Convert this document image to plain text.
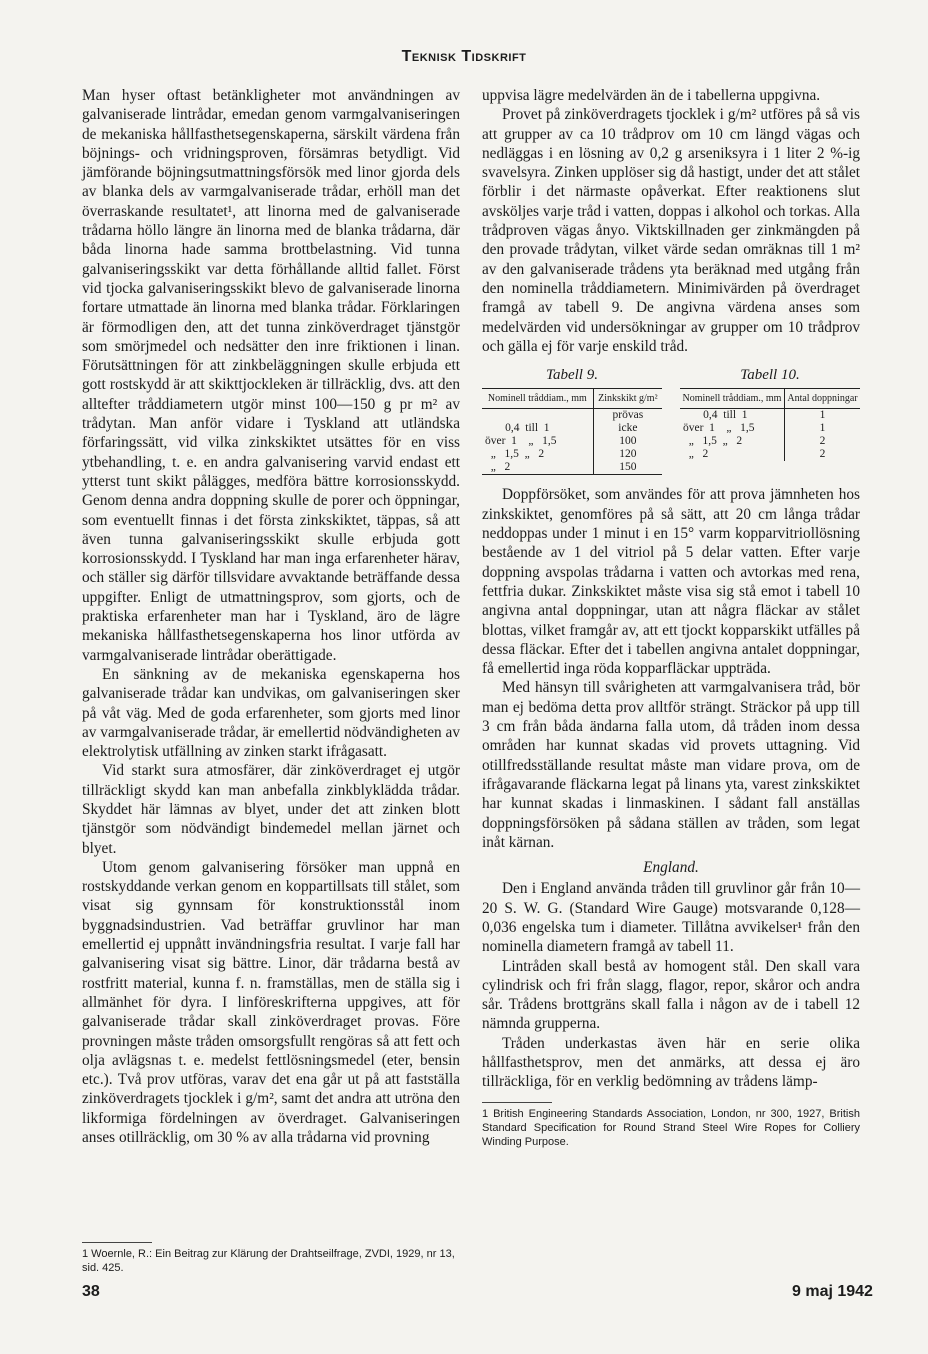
Teknisk Tidskrift

Man hyser oftast betänkligheter mot användningen av galvaniserade lintrådar, emedan genom varmgalvaniseringen de mekaniska hållfasthetsegenskaperna, särskilt värdena från böjnings- och vridningsproven, försämras betydligt. Vid jämförande böjningsutmattningsförsök med linor gjorda dels av blanka dels av varmgalvaniserade trådar, erhöll man det överraskande resultatet¹, att linorna med de galvaniserade trådarna höllo längre än linorna med de blanka trådarna, där båda linorna hade samma brottbelastning. Vid tunna galvaniseringsskikt var detta förhållande alltid fallet. Först vid tjocka galvaniseringsskikt blevo de galvaniserade linorna fortare utmattade än linorna med blanka trådar. Förklaringen är förmodligen den, att det tunna zinköverdraget tjänstgör som smörjmedel och nedsätter den inre friktionen i linan. Förutsättningen för att zinkbeläggningen skulle erbjuda ett gott rostskydd är att skikttjockleken är tillräcklig, dvs. att den alltefter tråddiametern utgör minst 100—150 g pr m² av trådytan. Man anför vidare i Tyskland att utländska förfaringssätt, vid vilka zinkskiktet utsättes för en viss ytbehandling, t. e. en andra galvanisering varvid endast ett ytterst tunt skikt pålägges, medföra bättre korrosionsskydd. Genom denna andra doppning skulle de porer och öppningar, som eventuellt finnas i det första zinkskiktet, täppas, så att även tunna galvaniseringsskikt skulle erbjuda gott korrosionsskydd. I Tyskland har man inga erfarenheter härav, och ställer sig därför tillsvidare avvaktande beträffande dessa uppgifter. Enligt de utmattningsprov, som gjorts, och de praktiska erfarenheter man har i Tyskland, äro de lägre mekaniska hållfasthetsegenskaperna hos linor utförda av varmgalvaniserade lintrådar oberättigade.

En sänkning av de mekaniska egenskaperna hos galvaniserade trådar kan undvikas, om galvaniseringen sker på våt väg. Med de goda erfarenheter, som gjorts med linor av varmgalvaniserade trådar, är emellertid nödvändigheten av elektrolytisk utfällning av zinken starkt ifrågasatt.

Vid starkt sura atmosfärer, där zinköverdraget ej utgör tillräckligt skydd kan man anbefalla zinkblyklädda trådar. Skyddet här lämnas av blyet, under det att zinken blott tjänstgör som nödvändigt bindemedel mellan järnet och blyet.

Utom genom galvanisering försöker man uppnå en rostskyddande verkan genom en koppartillsats till stålet, som visat sig gynnsam för konstruktionsstål inom byggnadsindustrien. Vad beträffar gruvlinor har man emellertid ej uppnått invändningsfria resultat. I varje fall har galvanisering visat sig bättre. Linor, där trådarna bestå av rostfritt material, kunna f. n. framställas, men de ställa sig i allmänhet för dyra. I linföreskrifterna uppgives, att för galvaniserade trådar skall zinköverdraget provas. Före provningen måste tråden omsorgsfullt rengöras så att fett och olja avlägsnas t. e. medelst fettlösningsmedel (eter, bensin etc.). Två prov utföras, varav det ena går ut på att fastställa zinköverdragets tjocklek i g/m², samt det andra att utröna den likformiga fördelningen av överdraget. Galvaniseringen anses otillräcklig, om 30 % av alla trådarna vid provning

1 Woernle, R.: Ein Beitrag zur Klärung der Drahtseilfrage, ZVDI, 1929, nr 13, sid. 425.

uppvisa lägre medelvärden än de i tabellerna uppgivna.

Provet på zinköverdragets tjocklek i g/m² utföres på så vis att grupper av ca 10 trådprov om 10 cm längd vägas och nedläggas i en lösning av 0,2 g arseniksyra i 1 liter 2 %-ig svavelsyra. Zinken upplöser sig då hastigt, under det att stålet förblir i det närmaste opåverkat. Efter reaktionens slut avsköljes varje tråd i vatten, doppas i alkohol och torkas. Alla trådproven vägas ånyo. Viktskillnaden ger zinkmängden på den provade trådytan, vilket värde sedan omräknas till 1 m² av den galvaniserade trådens yta beräknad med utgång från den nominella tråddiametern. Minimivärden på överdraget framgå av tabell 9. De angivna värdena anses som medelvärden vid undersökningar av grupper om 10 trådprov och gälla ej för varje enskild tråd.

Tabell 9.
Nominell tråddiam., mm	Zinkskikt g/m²
	prövas
0,4  till  1	icke
över  1    „   1,5	100
„   1,5  „   2	120
„   2	150
Tabell 10.
Nominell tråddiam., mm	Antal doppningar
0,4  till  1	1
över  1    „   1,5	1
„   1,5  „   2	2
„   2	2

Doppförsöket, som användes för att prova jämnheten hos zinkskiktet, genomföres på så sätt, att 20 cm långa trådar neddoppas under 1 minut i en 15° varm kopparvitriollösning bestående av 1 del vitriol på 5 delar vatten. Efter varje doppning avspolas trådarna i vatten och avtorkas med rena, fettfria dukar. Zinkskiktet måste visa sig stå emot i tabell 10 angivna antal doppningar, utan att några fläckar av stålet blottas, vilket framgår av, att ett tjockt kopparskikt utfälles på dessa fläckar. Efter det i tabellen angivna antalet doppningar, få emellertid inga röda kopparfläckar uppträda.

Med hänsyn till svårigheten att varmgalvanisera tråd, bör man ej bedöma detta prov alltför strängt. Sträckor på upp till 3 cm från båda ändarna falla utom, då tråden inom dessa områden har kunnat skadas vid provets uttagning. Vid otillfredsställande resultat måste man vidare prova, om de ifrågavarande fläckarna legat på linans yta, varest zinkskiktet har kunnat skadas i linmaskinen. I sådant fall anställas doppningsförsöken på sådana ställen av tråden, som legat inåt kärnan.

England.

Den i England använda tråden till gruvlinor går från 10—20 S. W. G. (Standard Wire Gauge) motsvarande 0,128—0,036 engelska tum i diameter. Tillåtna avvikelser¹ från den nominella diametern framgå av tabell 11.

Lintråden skall bestå av homogent stål. Den skall vara cylindrisk och fri från slagg, flagor, repor, skåror och andra sår. Trådens brottgräns skall falla i någon av de i tabell 12 nämnda grupperna.

Tråden underkastas även här en serie olika hållfasthetsprov, men det anmärks, att dessa ej äro tillräckliga, för en verklig bedömning av trådens lämp-

1 British Engineering Standards Association, London, nr 300, 1927, British Standard Specification for Round Strand Steel Wire Ropes for Colliery Winding Purpose.
38	9 maj 1942
